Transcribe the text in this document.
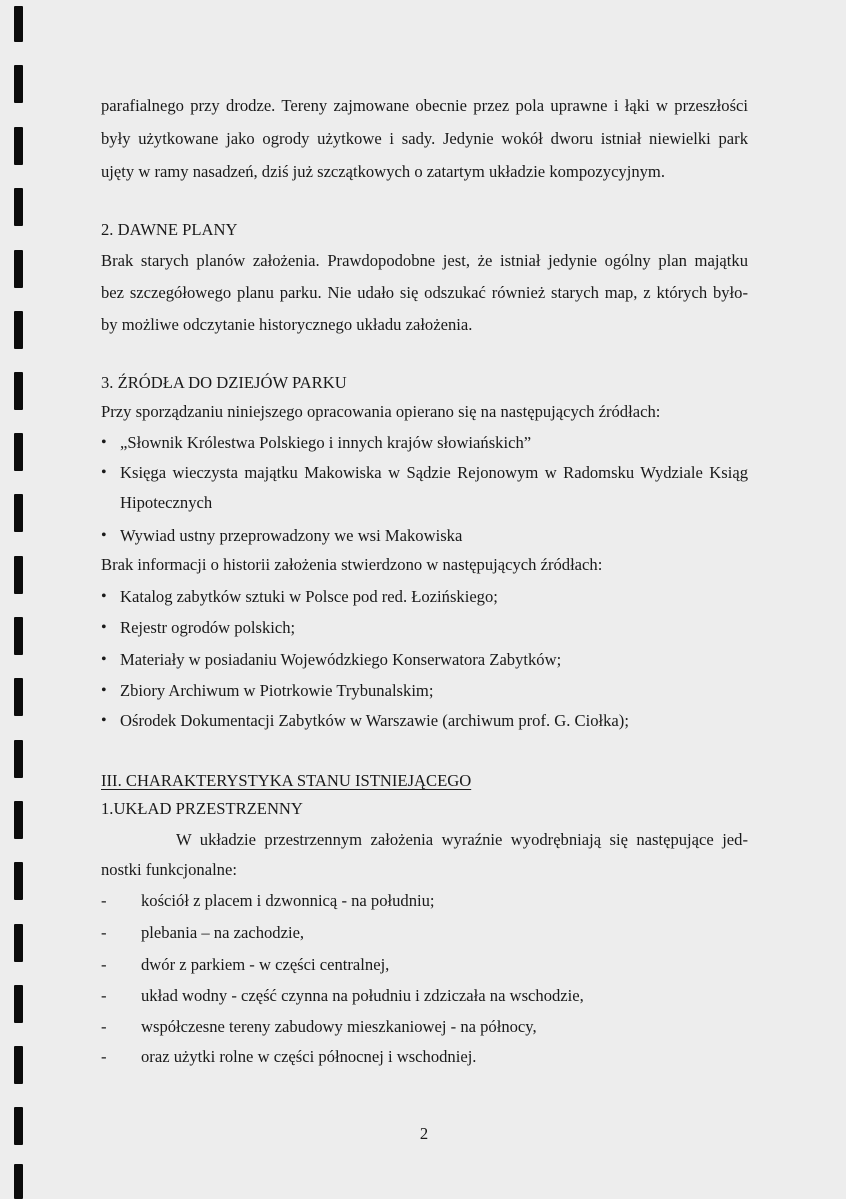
parafialnego przy drodze. Tereny zajmowane obecnie przez pola uprawne i łąki w przeszłości
były użytkowane jako ogrody użytkowe i sady. Jedynie wokół dworu istniał niewielki park
ujęty w ramy nasadzeń, dziś już szczątkowych o zatartym układzie kompozycyjnym.
2. DAWNE PLANY
Brak starych planów założenia. Prawdopodobne jest, że istniał jedynie ogólny plan majątku
bez szczegółowego planu parku. Nie udało się odszukać również starych map, z których było-
by możliwe odczytanie historycznego układu założenia.
3. ŹRÓDŁA DO DZIEJÓW PARKU
Przy sporządzaniu niniejszego opracowania opierano się na następujących źródłach:
• „Słownik Królestwa Polskiego i innych krajów słowiańskich”
• Księga wieczysta majątku Makowiska w Sądzie Rejonowym w Radomsku Wydziale Ksiąg
Hipotecznych
• Wywiad ustny przeprowadzony we wsi Makowiska
Brak informacji o historii założenia stwierdzono w następujących źródłach:
• Katalog zabytków sztuki w Polsce pod red. Łozińskiego;
• Rejestr ogrodów polskich;
• Materiały w posiadaniu Wojewódzkiego Konserwatora Zabytków;
• Zbiory Archiwum w Piotrkowie Trybunalskim;
• Ośrodek Dokumentacji Zabytków w Warszawie (archiwum prof. G. Ciołka);
III. CHARAKTERYSTYKA STANU ISTNIEJĄCEGO
1.UKŁAD PRZESTRZENNY
W układzie przestrzennym założenia wyraźnie wyodrębniają się następujące jed-
nostki funkcjonalne:
- kościół z placem i dzwonnicą - na południu;
- plebania – na zachodzie,
- dwór z parkiem - w części centralnej,
- układ wodny - część czynna na południu i zdziczała na wschodzie,
- współczesne tereny zabudowy mieszkaniowej - na północy,
- oraz użytki rolne w części północnej i wschodniej.
2
